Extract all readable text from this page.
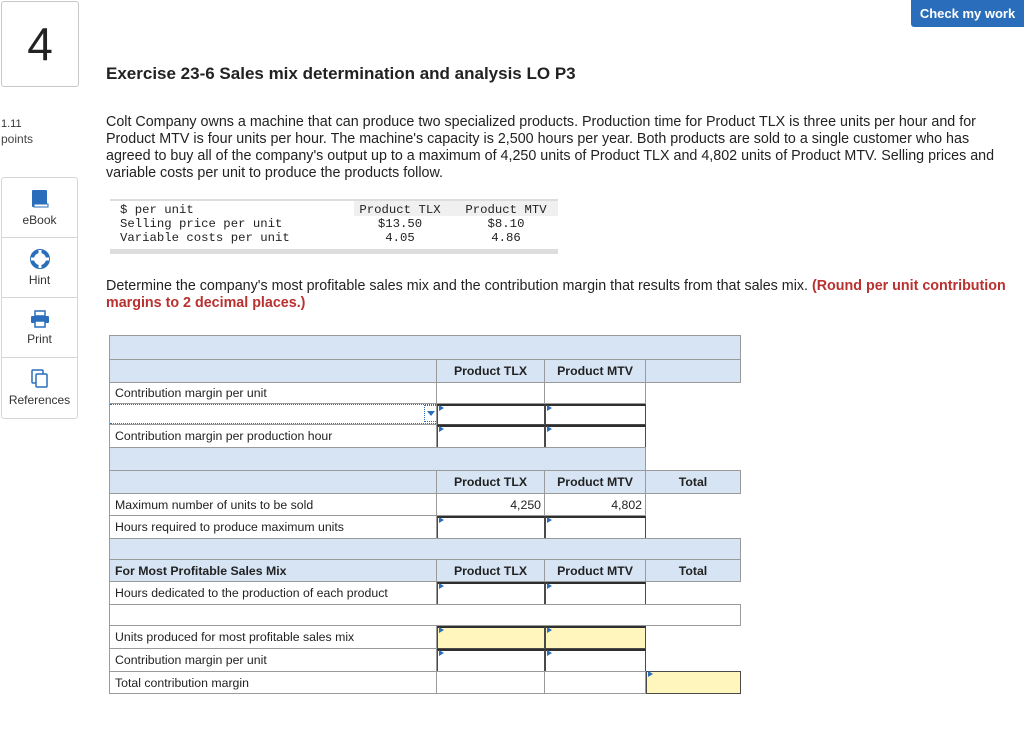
4
Check my work
Exercise 23-6 Sales mix determination and analysis LO P3
1.11
points
eBook
Hint
Print
References
Colt Company owns a machine that can produce two specialized products. Production time for Product TLX is three units per hour and for Product MTV is four units per hour. The machine's capacity is 2,500 hours per year. Both products are sold to a single customer who has agreed to buy all of the company's output up to a maximum of 4,250 units of Product TLX and 4,802 units of Product MTV. Selling prices and variable costs per unit to produce the products follow.
$ per unit	Product TLX	Product MTV
Selling price per unit	$13.50	$8.10
Variable costs per unit	4.05	4.86
Determine the company's most profitable sales mix and the contribution margin that results from that sales mix. (Round per unit contribution margins to 2 decimal places.)
Product TLX	Product MTV
Contribution margin per unit
Contribution margin per production hour
Product TLX	Product MTV	Total
Maximum number of units to be sold	4,250	4,802
Hours required to produce maximum units
For Most Profitable Sales Mix	Product TLX	Product MTV	Total
Hours dedicated to the production of each product
Units produced for most profitable sales mix
Contribution margin per unit
Total contribution margin
